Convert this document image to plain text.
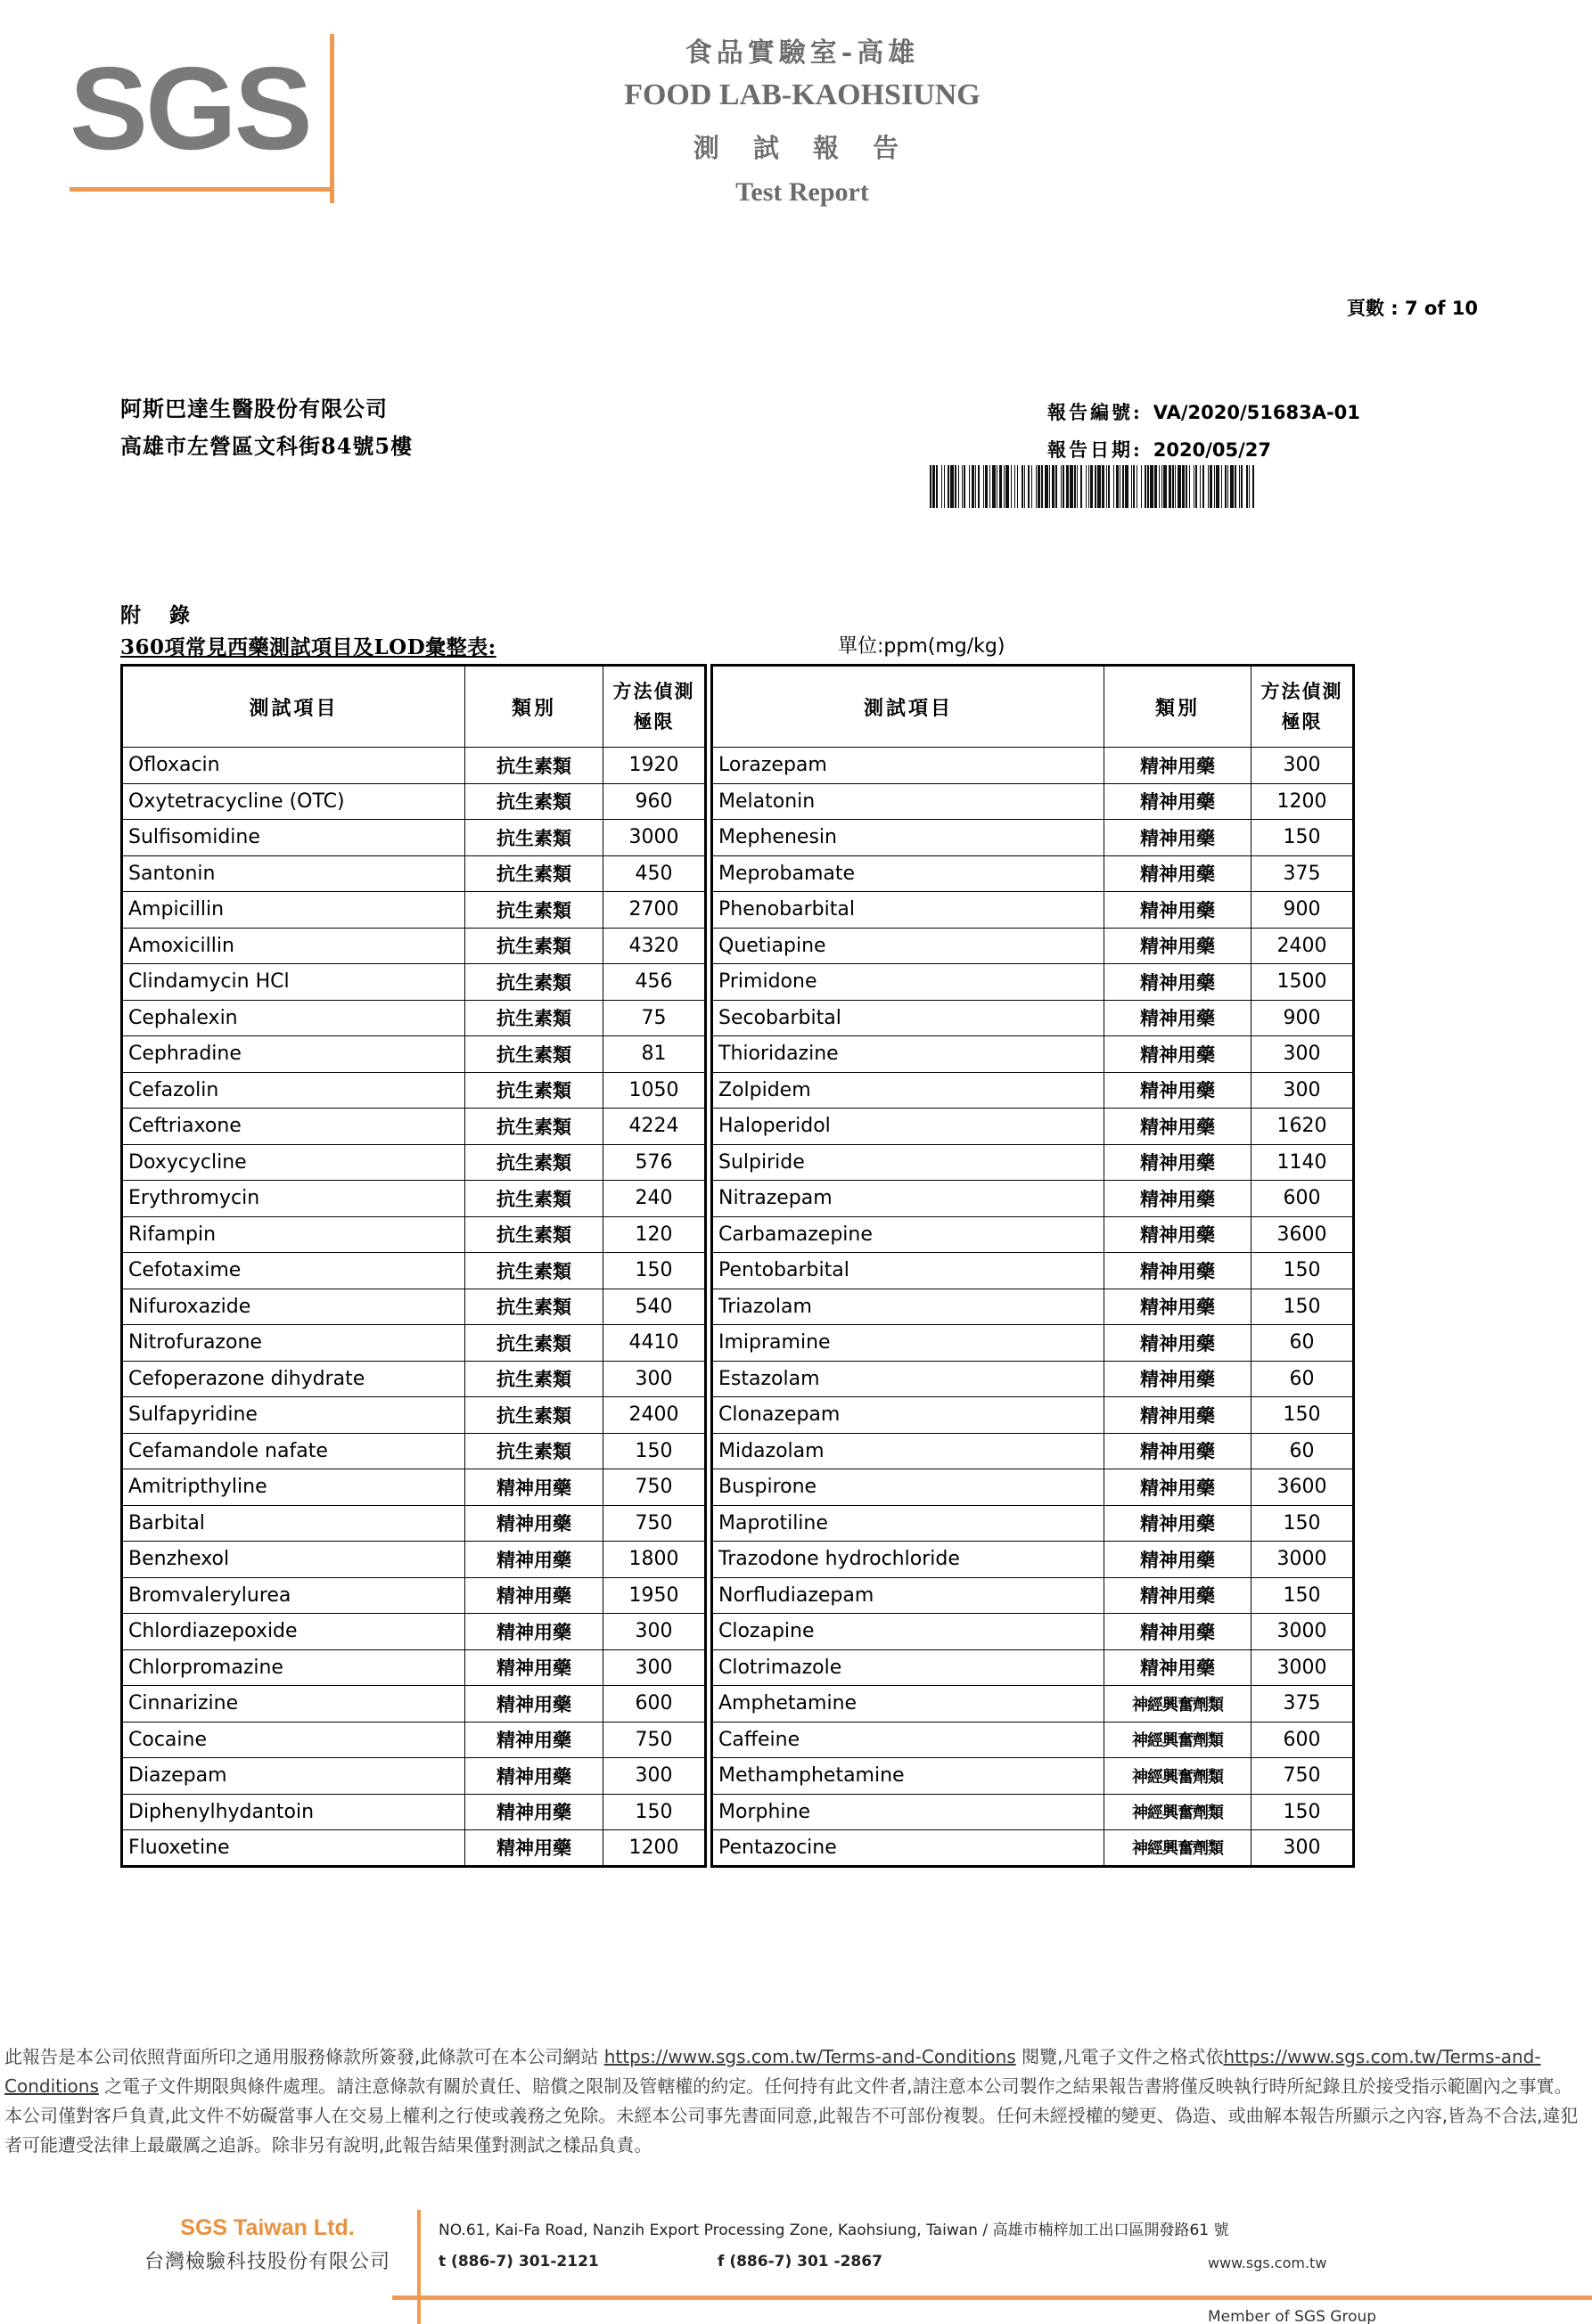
SGS	食品實驗室-高雄
FOOD LAB-KAOHSIUNG
測 試 報 告
Test Report
頁數 : 7 of 10
阿斯巴達生醫股份有限公司
高雄市左營區文科街84號5樓
報告編號: VA/2020/51683A-01
報告日期: 2020/05/27
附 錄
360項常見西藥測試項目及LOD彙整表:	單位:ppm(mg/kg)
測試項目	類別	方法偵測
極限

Ofloxacin	抗生素類	1920
Oxytetracycline (OTC)	抗生素類	960
Sulfisomidine	抗生素類	3000
Santonin	抗生素類	450
Ampicillin	抗生素類	2700
Amoxicillin	抗生素類	4320
Clindamycin HCl	抗生素類	456
Cephalexin	抗生素類	75
Cephradine	抗生素類	81
Cefazolin	抗生素類	1050
Ceftriaxone	抗生素類	4224
Doxycycline	抗生素類	576
Erythromycin	抗生素類	240
Rifampin	抗生素類	120
Cefotaxime	抗生素類	150
Nifuroxazide	抗生素類	540
Nitrofurazone	抗生素類	4410
Cefoperazone dihydrate	抗生素類	300
Sulfapyridine	抗生素類	2400
Cefamandole nafate	抗生素類	150
Amitripthyline	精神用藥	750
Barbital	精神用藥	750
Benzhexol	精神用藥	1800
Bromvalerylurea	精神用藥	1950
Chlordiazepoxide	精神用藥	300
Chlorpromazine	精神用藥	300
Cinnarizine	精神用藥	600
Cocaine	精神用藥	750
Diazepam	精神用藥	300
Diphenylhydantoin	精神用藥	150
Fluoxetine	精神用藥	1200
測試項目	類別	方法偵測
極限

Lorazepam	精神用藥	300
Melatonin	精神用藥	1200
Mephenesin	精神用藥	150
Meprobamate	精神用藥	375
Phenobarbital	精神用藥	900
Quetiapine	精神用藥	2400
Primidone	精神用藥	1500
Secobarbital	精神用藥	900
Thioridazine	精神用藥	300
Zolpidem	精神用藥	300
Haloperidol	精神用藥	1620
Sulpiride	精神用藥	1140
Nitrazepam	精神用藥	600
Carbamazepine	精神用藥	3600
Pentobarbital	精神用藥	150
Triazolam	精神用藥	150
Imipramine	精神用藥	60
Estazolam	精神用藥	60
Clonazepam	精神用藥	150
Midazolam	精神用藥	60
Buspirone	精神用藥	3600
Maprotiline	精神用藥	150
Trazodone hydrochloride	精神用藥	3000
Norfludiazepam	精神用藥	150
Clozapine	精神用藥	3000
Clotrimazole	精神用藥	3000
Amphetamine	神經興奮劑類	375
Caffeine	神經興奮劑類	600
Methamphetamine	神經興奮劑類	750
Morphine	神經興奮劑類	150
Pentazocine	神經興奮劑類	300
此報告是本公司依照背面所印之通用服務條款所簽發,此條款可在本公司網站 https://www.sgs.com.tw/Terms-and-Conditions 閱覽,凡電子文件之格式依https://www.sgs.com.tw/Terms-and-Conditions 之電子文件期限與條件處理。請注意條款有關於責任、賠償之限制及管轄權的約定。任何持有此文件者,請注意本公司製作之結果報告書將僅反映執行時所紀錄且於接受指示範圍內之事實。本公司僅對客戶負責,此文件不妨礙當事人在交易上權利之行使或義務之免除。未經本公司事先書面同意,此報告不可部份複製。任何未經授權的變更、偽造、或曲解本報告所顯示之內容,皆為不合法,違犯者可能遭受法律上最嚴厲之追訴。除非另有說明,此報告結果僅對測試之樣品負責。
SGS Taiwan Ltd.
台灣檢驗科技股份有限公司
NO.61, Kai-Fa Road, Nanzih Export Processing Zone, Kaohsiung, Taiwan / 高雄市楠梓加工出口區開發路61 號
t (886-7) 301-2121	f (886-7) 301 -2867	www.sgs.com.tw
Member of SGS Group
